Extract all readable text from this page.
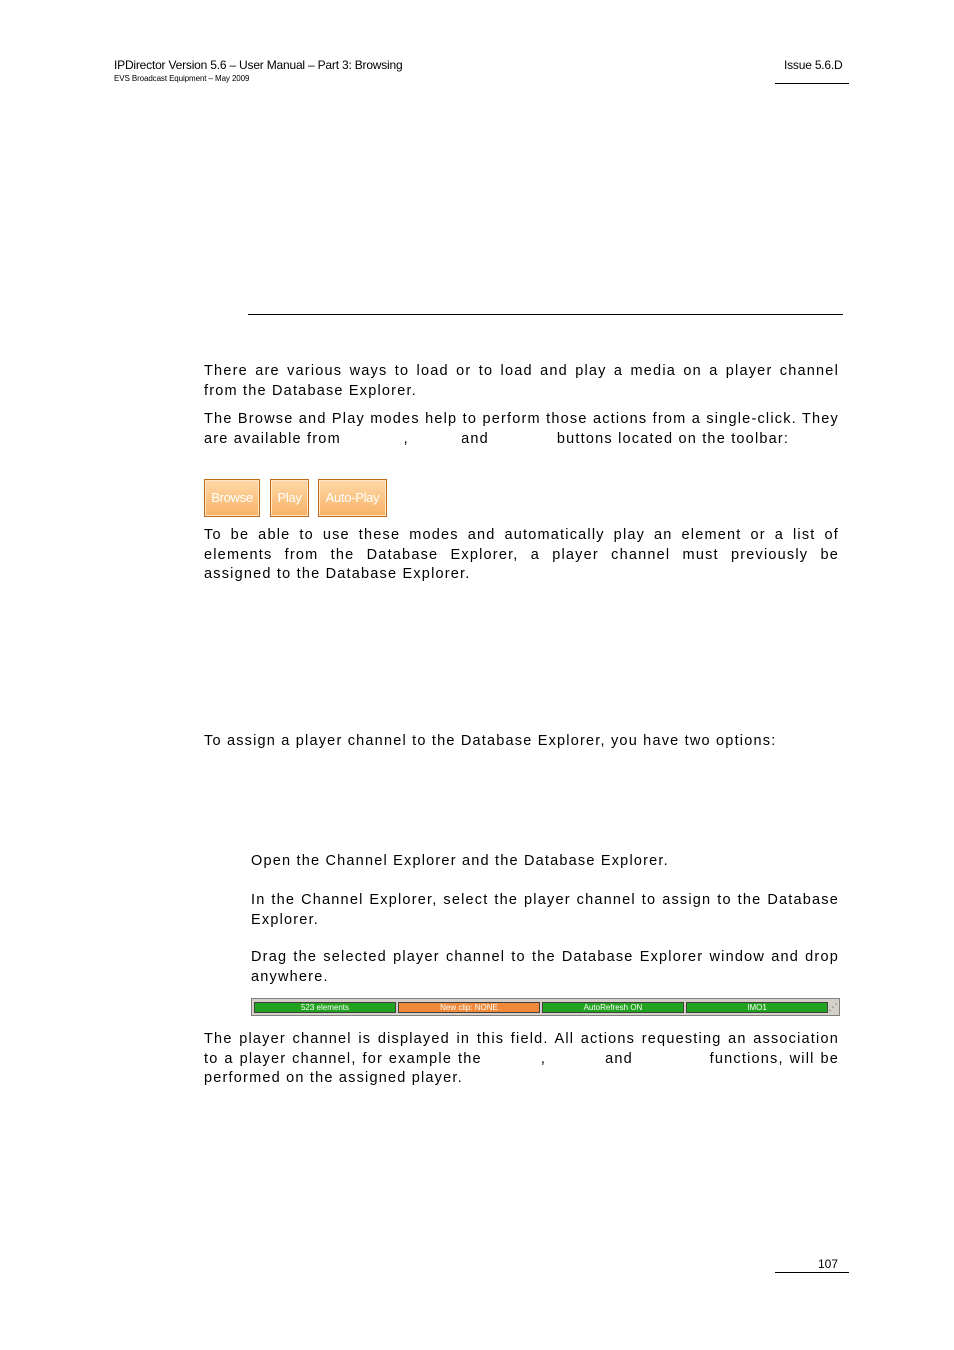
IPDirector Version 5.6 – User Manual – Part 3: Browsing
EVS Broadcast Equipment – May 2009
Issue 5.6.D
There are various ways to load or to load and play a media on a player channel from the Database Explorer.
The Browse and Play modes help to perform those actions from a single-click. They are available from            ,          and             buttons located on the toolbar:
Browse	Play	Auto-Play
To be able to use these modes and automatically play an element or a list of elements from the Database Explorer, a player channel must previously be assigned to the Database Explorer.
To assign a player channel to the Database Explorer, you have two options:
Open the Channel Explorer and the Database Explorer.
In the Channel Explorer, select the player channel to assign to the Database Explorer.
Drag the selected player channel to the Database Explorer window and drop anywhere.
523 elements	New clip: NONE	AutoRefresh ON	IMO1	⋰
The player channel is displayed in this field. All actions requesting an association to a player channel, for example the          ,          and             functions, will be performed on the assigned player.
107
